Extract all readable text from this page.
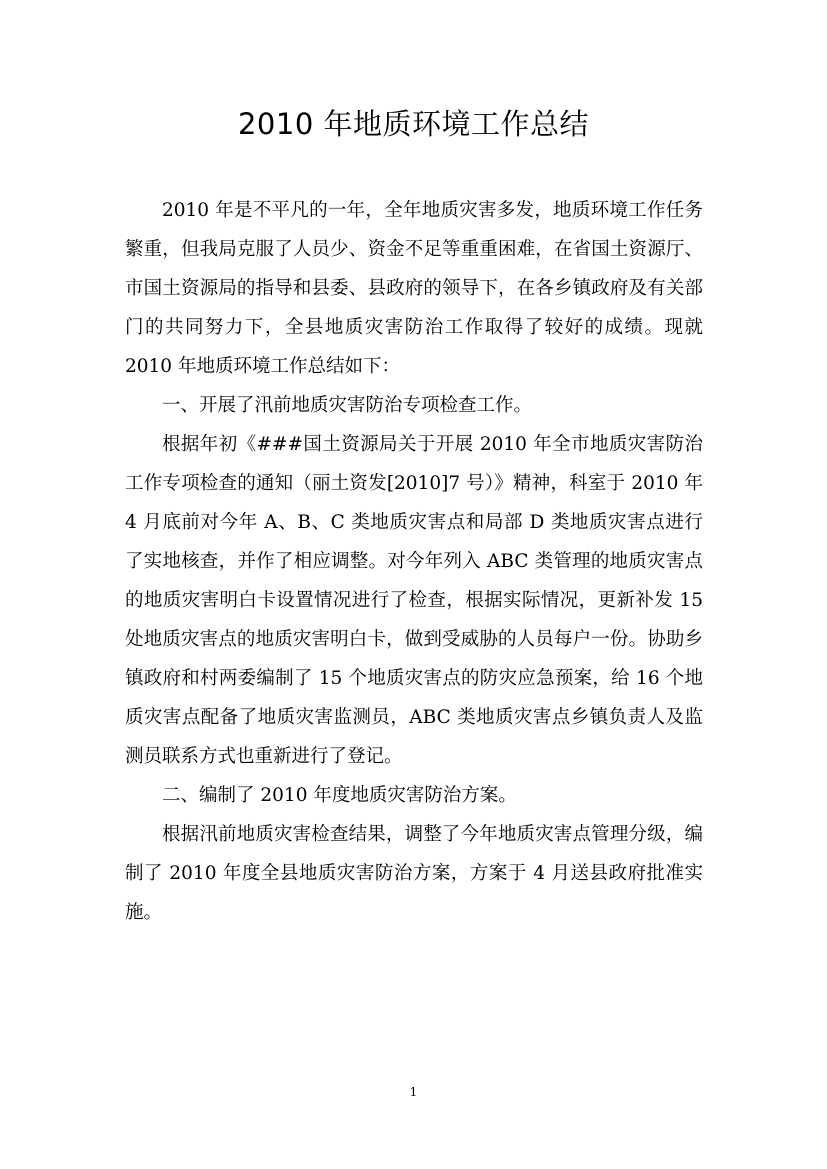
2010 年地质环境工作总结

2010 年是不平凡的一年，全年地质灾害多发，地质环境工作任务繁重，但我局克服了人员少、资金不足等重重困难，在省国土资源厅、市国土资源局的指导和县委、县政府的领导下，在各乡镇政府及有关部门的共同努力下，全县地质灾害防治工作取得了较好的成绩。现就 2010 年地质环境工作总结如下：

一、开展了汛前地质灾害防治专项检查工作。

根据年初《###国土资源局关于开展 2010 年全市地质灾害防治工作专项检查的通知（丽土资发[2010]7 号）》精神，科室于 2010 年 4 月底前对今年 A、B、C 类地质灾害点和局部 D 类地质灾害点进行了实地核查，并作了相应调整。对今年列入 ABC 类管理的地质灾害点的地质灾害明白卡设置情况进行了检查，根据实际情况，更新补发 15 处地质灾害点的地质灾害明白卡，做到受威胁的人员每户一份。协助乡镇政府和村两委编制了 15 个地质灾害点的防灾应急预案，给 16 个地质灾害点配备了地质灾害监测员，ABC 类地质灾害点乡镇负责人及监测员联系方式也重新进行了登记。

二、编制了 2010 年度地质灾害防治方案。

根据汛前地质灾害检查结果，调整了今年地质灾害点管理分级，编制了 2010 年度全县地质灾害防治方案，方案于 4 月送县政府批准实施。

1
